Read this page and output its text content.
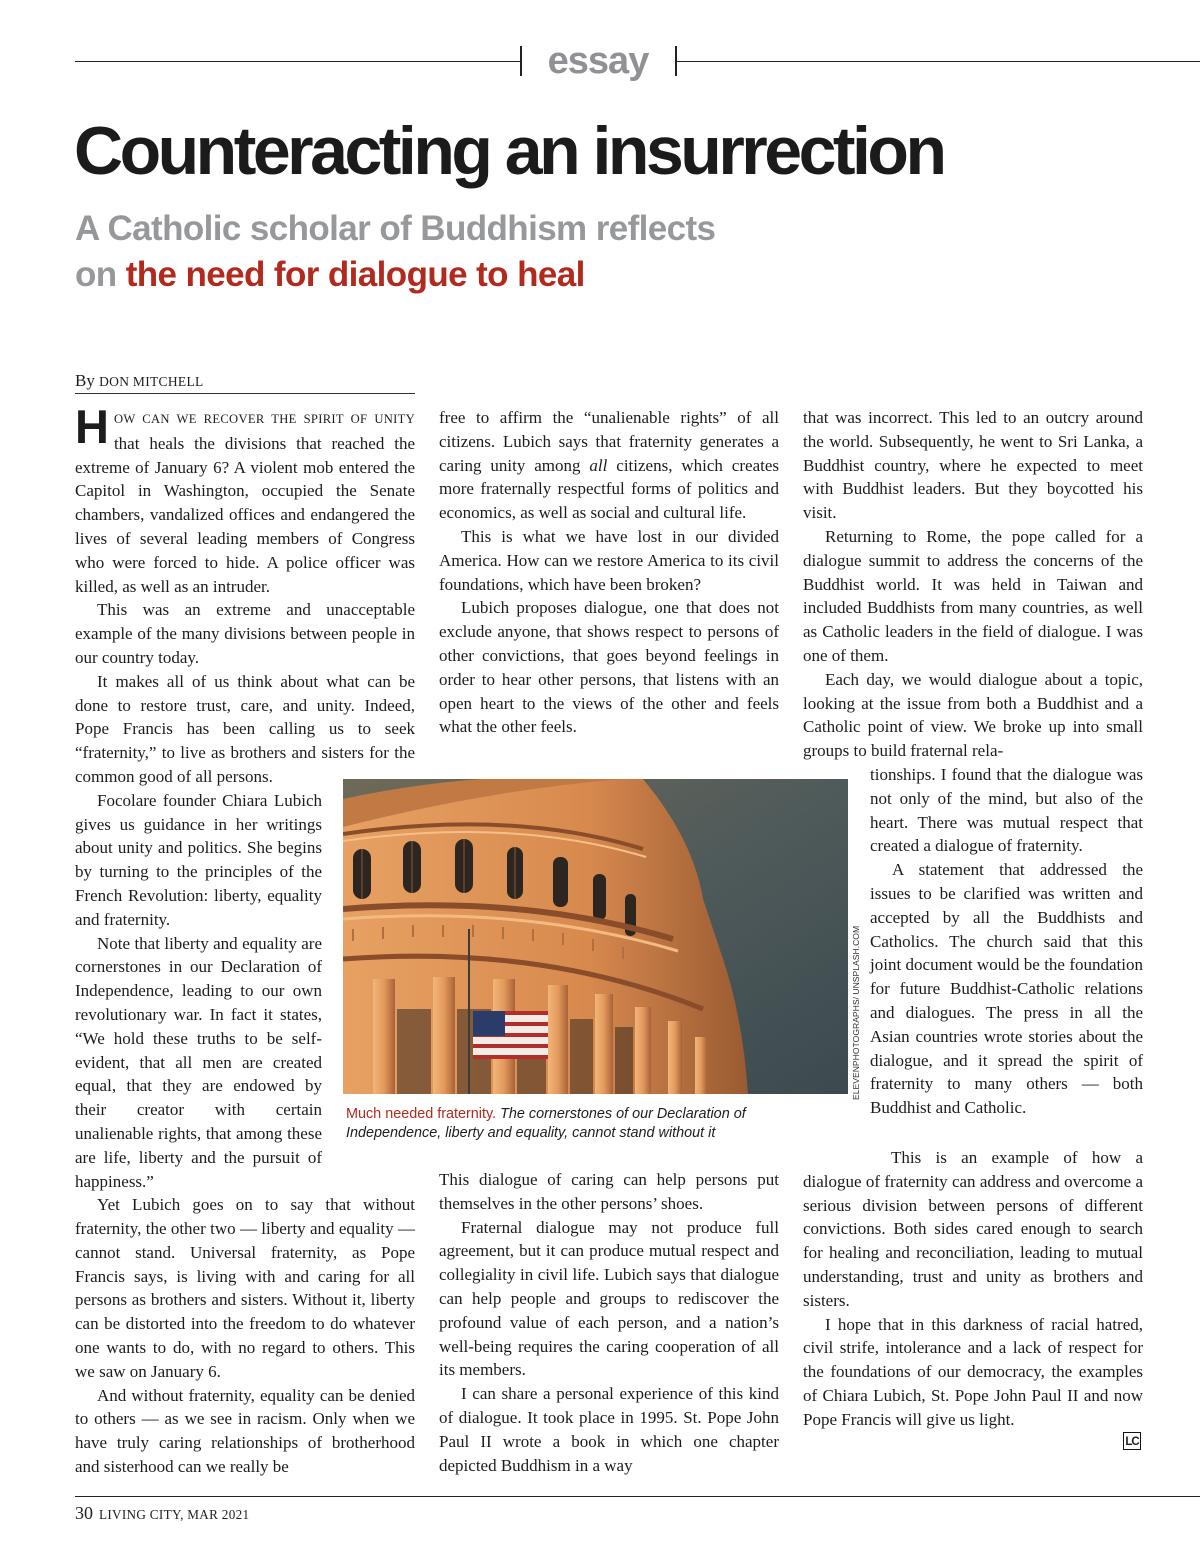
essay
Counteracting an insurrection
A Catholic scholar of Buddhism reflects
on the need for dialogue to heal
By DON MITCHELL

HOW CAN WE RECOVER THE SPIRIT OF UNITY that heals the divisions that reached the extreme of January 6? A violent mob entered the Capitol in Washington, occupied the Senate chambers, vandalized offices and endangered the lives of several leading members of Congress who were forced to hide. A police officer was killed, as well as an intruder.

This was an extreme and unacceptable example of the many divisions between people in our country today.

It makes all of us think about what can be done to restore trust, care, and unity. Indeed, Pope Francis has been calling us to seek “fraternity,” to live as brothers and sisters for the common good of all persons.

Focolare founder Chiara Lubich gives us guidance in her writings about unity and politics. She begins by turning to the principles of the French Revolution: liberty, equality and fraternity.

Note that liberty and equality are cornerstones in our Declaration of Independence, leading to our own revolutionary war. In fact it states, “We hold these truths to be self-evident, that all men are created equal, that they are endowed by their creator with certain unalienable rights, that among these are life, liberty and the pursuit of happiness.”

Yet Lubich goes on to say that without fraternity, the other two — liberty and equality — cannot stand. Universal fraternity, as Pope Francis says, is living with and caring for all persons as brothers and sisters. Without it, liberty can be distorted into the freedom to do whatever one wants to do, with no regard to others. This we saw on January 6.

And without fraternity, equality can be denied to others — as we see in racism. Only when we have truly caring relationships of brotherhood and sisterhood can we really be

free to affirm the “unalienable rights” of all citizens. Lubich says that fraternity generates a caring unity among all citizens, which creates more fraternally respectful forms of politics and economics, as well as social and cultural life.

This is what we have lost in our divided America. How can we restore America to its civil foundations, which have been broken?

Lubich proposes dialogue, one that does not exclude anyone, that shows respect to persons of other convictions, that goes beyond feelings in order to hear other persons, that listens with an open heart to the views of the other and feels what the other feels.

This dialogue of caring can help persons put themselves in the other persons’ shoes.

Fraternal dialogue may not produce full agreement, but it can produce mutual respect and collegiality in civil life. Lubich says that dialogue can help people and groups to rediscover the profound value of each person, and a nation’s well-being requires the caring cooperation of all its members.

I can share a personal experience of this kind of dialogue. It took place in 1995. St. Pope John Paul II wrote a book in which one chapter depicted Buddhism in a way

that was incorrect. This led to an outcry around the world. Subsequently, he went to Sri Lanka, a Buddhist country, where he expected to meet with Buddhist leaders. But they boycotted his visit.

Returning to Rome, the pope called for a dialogue summit to address the concerns of the Buddhist world. It was held in Taiwan and included Buddhists from many countries, as well as Catholic leaders in the field of dialogue. I was one of them.

Each day, we would dialogue about a topic, looking at the issue from both a Buddhist and a Catholic point of view. We broke up into small groups to build fraternal rela-

tionships. I found that the dialogue was not only of the mind, but also of the heart. There was mutual respect that created a dialogue of fraternity.

A statement that addressed the issues to be clarified was written and accepted by all the Buddhists and Catholics. The church said that this joint document would be the foundation for future Buddhist-Catholic relations and dialogues. The press in all the Asian countries wrote stories about the dialogue, and it spread the spirit of fraternity to many others — both Buddhist and Catholic.

This is an example of how a dialogue of fraternity can address and overcome a serious division between persons of different convictions. Both sides cared enough to search for healing and reconciliation, leading to mutual understanding, trust and unity as brothers and sisters.

I hope that in this darkness of racial hatred, civil strife, intolerance and a lack of respect for the foundations of our democracy, the examples of Chiara Lubich, St. Pope John Paul II and now Pope Francis will give us light.

ELEVENPHOTOGRAPHS/ UNSPLASH.COM
Much needed fraternity. The cornerstones of our Declaration of Independence, liberty and equality, cannot stand without it
LC
30 LIVING CITY, MAR 2021
